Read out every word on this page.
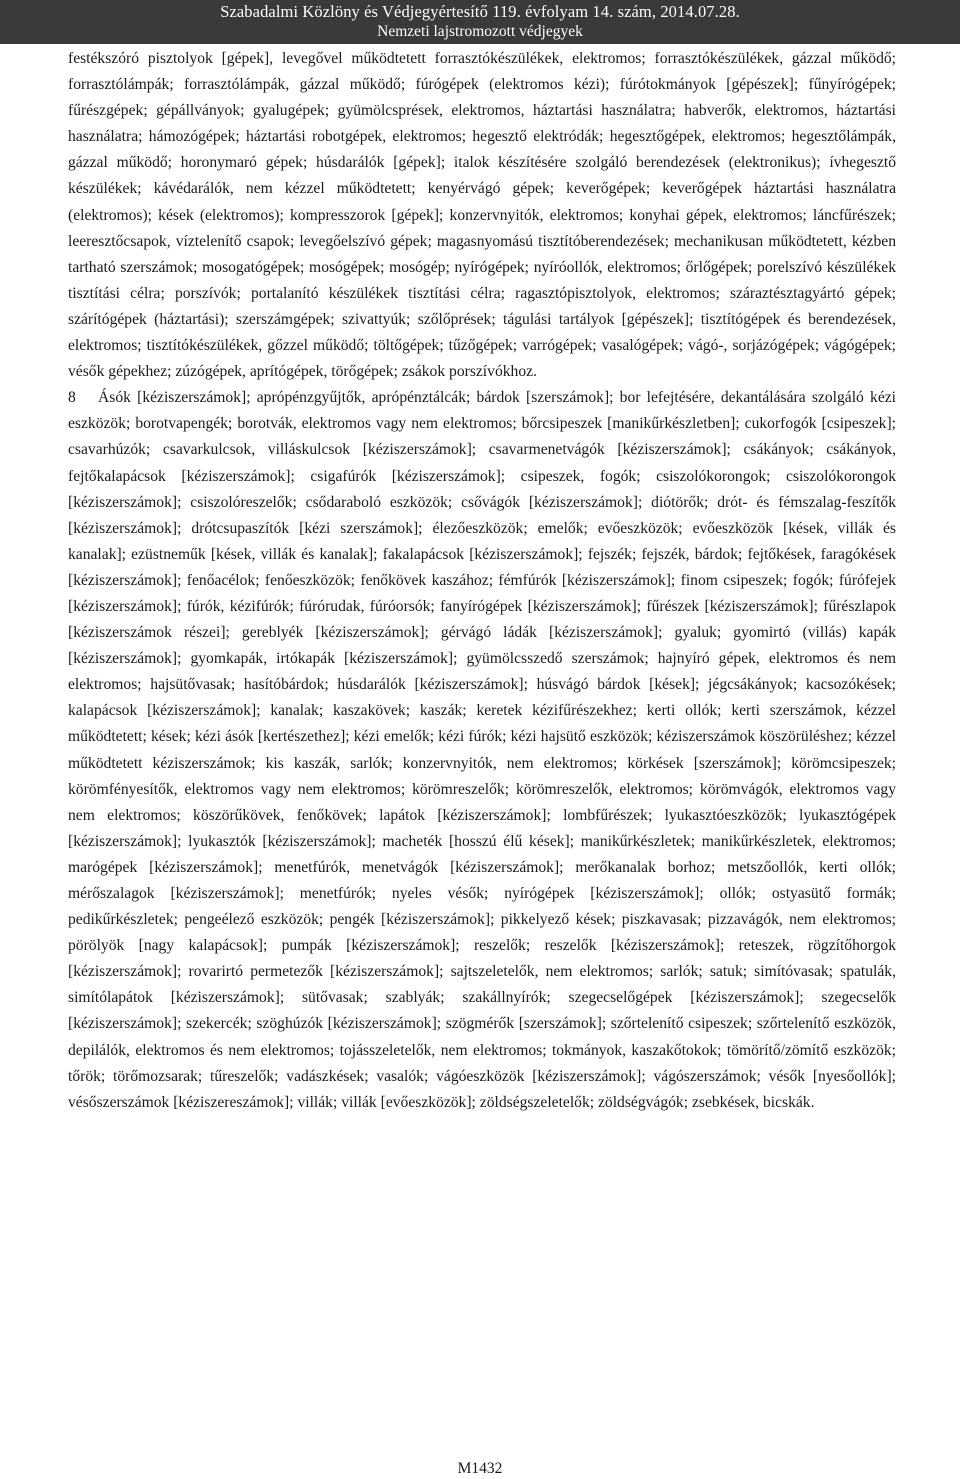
Szabadalmi Közlöny és Védjegyértesítő 119. évfolyam 14. szám, 2014.07.28.
Nemzeti lajstromozott védjegyek

festékszóró pisztolyok [gépek], levegővel működtetett forrasztókészülékek, elektromos; forrasztókészülékek, gázzal működő; forrasztólámpák; forrasztólámpák, gázzal működő; fúrógépek (elektromos kézi); fúrótokmányok [gépészek]; fűnyírógépek; fűrészgépek; gépállványok; gyalugépek; gyümölcsprések, elektromos, háztartási használatra; habverők, elektromos, háztartási használatra; hámozógépek; háztartási robotgépek, elektromos; hegesztő elektródák; hegesztőgépek, elektromos; hegesztőlámpák, gázzal működő; horonymaró gépek; húsdarálók [gépek]; italok készítésére szolgáló berendezések (elektronikus); ívhegesztő készülékek; kávédarálók, nem kézzel működtetett; kenyérvágó gépek; keverőgépek; keverőgépek háztartási használatra (elektromos); kések (elektromos); kompresszorok [gépek]; konzervnyitók, elektromos; konyhai gépek, elektromos; láncfűrészek; leeresztőcsapok, víztelenítő csapok; levegőelszívó gépek; magasnyomású tisztítóberendezések; mechanikusan működtetett, kézben tartható szerszámok; mosogatógépek; mosógépek; mosógép; nyírógépek; nyíróollók, elektromos; őrlőgépek; porelszívó készülékek tisztítási célra; porszívók; portalanító készülékek tisztítási célra; ragasztópisztolyok, elektromos; száraztésztagyártó gépek; szárítógépek (háztartási); szerszámgépek; szivattyúk; szőlőprések; tágulási tartályok [gépészek]; tisztítógépek és berendezések, elektromos; tisztítókészülékek, gőzzel működő; töltőgépek; tűzőgépek; varrógépek; vasalógépek; vágó-, sorjázógépek; vágógépek; vésők gépekhez; zúzógépek, aprítógépek, törőgépek; zsákok porszívókhoz.

8 Ásók [kéziszerszámok]; aprópénzgyűjtők, aprópénztálcák; bárdok [szerszámok]; bor lefejtésére, dekantálására szolgáló kézi eszközök; borotvapengék; borotvák, elektromos vagy nem elektromos; bőrcsipeszek [manikűrkészletben]; cukorfogók [csipeszek]; csavarhúzók; csavarkulcsok, villáskulcsok [kéziszerszámok]; csavarmenetvágók [kéziszerszámok]; csákányok; csákányok, fejtőkalapácsok [kéziszerszámok]; csigafúrók [kéziszerszámok]; csipeszek, fogók; csiszolókorongok; csiszolókorongok [kéziszerszámok]; csiszolóreszelők; csődaraboló eszközök; csővágók [kéziszerszámok]; diótörők; drót- és fémszalag-feszítők [kéziszerszámok]; drótcsupaszítók [kézi szerszámok]; élezőeszközök; emelők; evőeszközök; evőeszközök [kések, villák és kanalak]; ezüstneműk [kések, villák és kanalak]; fakalapácsok [kéziszerszámok]; fejszék; fejszék, bárdok; fejtőkések, faragókések [kéziszerszámok]; fenőacélok; fenőeszközök; fenőkövek kaszához; fémfúrók [kéziszerszámok]; finom csipeszek; fogók; fúrófejek [kéziszerszámok]; fúrók, kézifúrók; fúrórudak, fúróorsók; fanyírógépek [kéziszerszámok]; fűrészek [kéziszerszámok]; fűrészlapok [kéziszerszámok részei]; gereblyék [kéziszerszámok]; gérvágó ládák [kéziszerszámok]; gyaluk; gyomirtó (villás) kapák [kéziszerszámok]; gyomkapák, irtókapák [kéziszerszámok]; gyümölcsszedő szerszámok; hajnyíró gépek, elektromos és nem elektromos; hajsütővasak; hasítóbárdok; húsdarálók [kéziszerszámok]; húsvágó bárdok [kések]; jégcsákányok; kacsozókések; kalapácsok [kéziszerszámok]; kanalak; kaszakövek; kaszák; keretek kézifűrészekhez; kerti ollók; kerti szerszámok, kézzel működtetett; kések; kézi ásók [kertészethez]; kézi emelők; kézi fúrók; kézi hajsütő eszközök; kéziszerszámok köszörüléshez; kézzel működtetett kéziszerszámok; kis kaszák, sarlók; konzervnyitók, nem elektromos; körkések [szerszámok]; körömcsipeszek; körömfényesítők, elektromos vagy nem elektromos; körömreszelők; körömreszelők, elektromos; körömvágók, elektromos vagy nem elektromos; köszörűkövek, fenőkövek; lapátok [kéziszerszámok]; lombfűrészek; lyukasztóeszközök; lyukasztógépek [kéziszerszámok]; lyukasztók [kéziszerszámok]; macheték [hosszú élű kések]; manikűrkészletek; manikűrkészletek, elektromos; marógépek [kéziszerszámok]; menetfúrók, menetvágók [kéziszerszámok]; merőkanalak borhoz; metszőollók, kerti ollók; mérőszalagok [kéziszerszámok]; menetfúrók; nyeles vésők; nyírógépek [kéziszerszámok]; ollók; ostyasütő formák; pedikűrkészletek; pengeélező eszközök; pengék [kéziszerszámok]; pikkelyező kések; piszkavasak; pizzavágók, nem elektromos; pörölyök [nagy kalapácsok]; pumpák [kéziszerszámok]; reszelők; reszelők [kéziszerszámok]; reteszek, rögzítőhorgok [kéziszerszámok]; rovarirtó permetezők [kéziszerszámok]; sajtszeletelők, nem elektromos; sarlók; satuk; simítóvasak; spatulák, simítólapátok [kéziszerszámok]; sütővasak; szablyák; szakállnyírók; szegecselőgépek [kéziszerszámok]; szegecselők [kéziszerszámok]; szekercék; szöghúzók [kéziszerszámok]; szögmérők [szerszámok]; szőrtelenítő csipeszek; szőrtelenítő eszközök, depilálók, elektromos és nem elektromos; tojásszeletelők, nem elektromos; tokmányok, kaszakőtokok; tömörítő/zömítő eszközök; tőrök; törőmozsarak; tűreszelők; vadászkések; vasalók; vágóeszközök [kéziszerszámok]; vágószerszámok; vésők [nyesőollók]; vésőszerszámok [kéziszereszámok]; villák; villák [evőeszközök]; zöldségszeletelők; zöldségvágók; zsebkések, bicskák.

M1432
